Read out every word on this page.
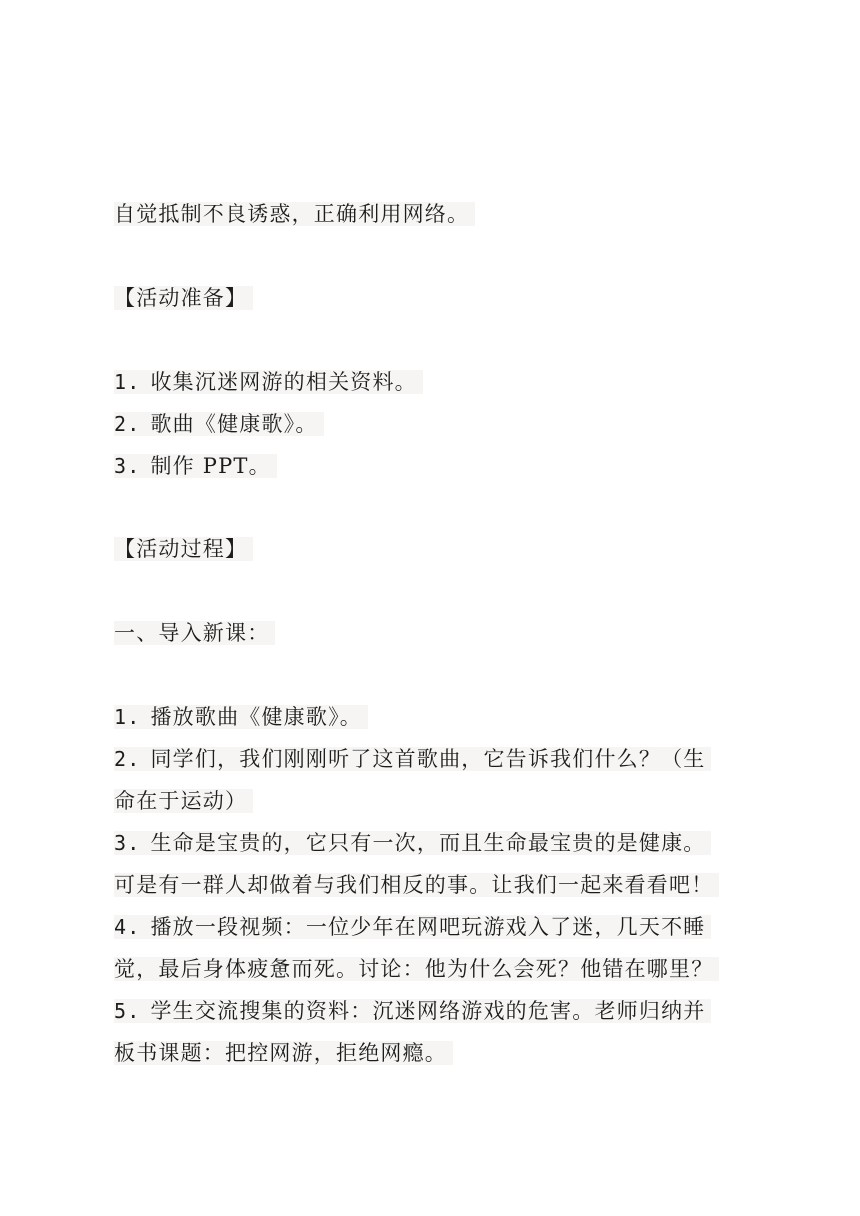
自觉抵制不良诱惑，正确利用网络。
【活动准备】
1. 收集沉迷网游的相关资料。
2. 歌曲《健康歌》。
3. 制作 PPT。
【活动过程】
一、导入新课：
1. 播放歌曲《健康歌》。
2. 同学们，我们刚刚听了这首歌曲，它告诉我们什么？（生
命在于运动）
3. 生命是宝贵的，它只有一次，而且生命最宝贵的是健康。
可是有一群人却做着与我们相反的事。让我们一起来看看吧！
4. 播放一段视频：一位少年在网吧玩游戏入了迷，几天不睡
觉，最后身体疲惫而死。讨论：他为什么会死？他错在哪里？
5. 学生交流搜集的资料：沉迷网络游戏的危害。老师归纳并
板书课题：把控网游，拒绝网瘾。
